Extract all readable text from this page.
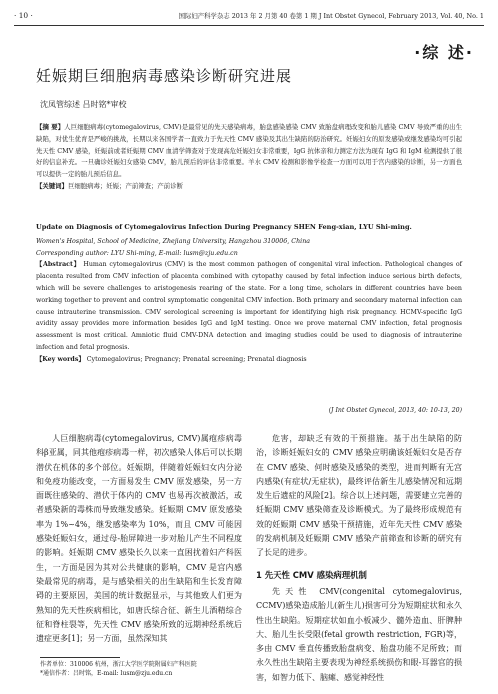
· 10 ·	国际妇产科学杂志 2013 年 2 月第 40 卷第 1 期 J Int Obstet Gynecol, February 2013, Vol. 40, No. 1
·综 述·
妊娠期巨细胞病毒感染诊断研究进展
沈凤管综述 吕时铭*审校

【摘 要】人巨细胞病毒(cytomegalovirus, CMV)是最常见的先天感染病毒，胎盘感染感染 CMV 致胎盘病理改变和胎儿感染 CMV 导致严重的出生缺陷，对优生优育是严峻的挑战，长期以来各国学者一直致力于先天性 CMV 感染及其出生缺陷的防治研究。妊娠妇女的原发感染或继发感染均可引起先天性 CMV 感染，妊娠前或者妊娠期 CMV 血清学筛查对于发现高危妊娠妇女非常重要，IgG 抗体亲和力测定方法为现有 IgG 和 IgM 检测提供了很好的信息补充。一旦确诊妊娠妇女感染 CMV，胎儿预后的评估非常重要。羊水 CMV 检测和影像学检查一方面可以用于宫内感染的诊断，另一方面也可以提供一定的胎儿预后信息。

【关键词】巨细胞病毒；妊娠；产前筛查；产前诊断

Update on Diagnosis of Cytomegalovirus Infection During Pregnancy SHEN Feng-xian, LYU Shi-ming.

Women's Hospital, School of Medicine, Zhejiang University, Hangzhou 310006, China

Corresponding author: LYU Shi-ming, E-mail: lusm@zju.edu.cn

【Abstract】 Human cytomegalovirus (CMV) is the most common pathogen of congenital viral infection. Pathological changes of placenta resulted from CMV infection of placenta combined with cytopathy caused by fetal infection induce serious birth defects, which will be severe challenges to aristogenesis rearing of the state. For a long time, scholars in different countries have been working together to prevent and control symptomatic congenital CMV infection. Both primary and secondary maternal infection can cause intrauterine transmission. CMV serological screening is important for identifying high risk pregnancy. HCMV-specific IgG avidity assay provides more information besides IgG and IgM testing. Once we prove maternal CMV infection, fetal prognosis assessment is most critical. Amniotic fluid CMV-DNA detection and imaging studies could be used to diagnosis of intrauterine infection and fetal prognosis.

【Key words】 Cytomegalovirus; Pregnancy; Prenatal screening; Prenatal diagnosis

(J Int Obstet Gynecol, 2013, 40: 10-13, 20)

人巨细胞病毒(cytomegalovirus, CMV)属疱疹病毒科β亚属，同其他疱疹病毒一样，初次感染人体后可以长期潜伏在机体的多个部位。妊娠期，伴随着妊娠妇女内分泌和免疫功能改变，一方面易发生 CMV 原发感染，另一方面既往感染的、潜伏于体内的 CMV 也易再次被激活，或者感染新的毒株而导致继发感染。妊娠期 CMV 原发感染率为 1%~4%，继发感染率为 10%，而且 CMV 可能因感染妊娠妇女，通过母-胎屏障进一步对胎儿产生不同程度的影响。妊娠期 CMV 感染长久以来一直困扰着妇产科医生，一方面是因为其对公共健康的影响，CMV 是宫内感染最常见的病毒，是与感染相关的出生缺陷和生长发育障碍的主要原因，美国的统计数据显示，与其他致人们更为熟知的先天性疾病相比，如唐氏综合征、新生儿酒精综合征和脊柱裂等，先天性 CMV 感染所致的远期神经系统后遗症更多[1]；另一方面，虽然深知其

危害，却缺乏有效的干预措施。基于出生缺陷的防治，诊断妊娠妇女的 CMV 感染应明确该妊娠妇女是否存在 CMV 感染、何时感染及感染的类型，进而判断有无宫内感染(有症状/无症状)，最终评估新生儿感染情况和远期发生后遗症的风险[2]。综合以上述问题，需要建立完善的妊娠期 CMV 感染筛查及诊断模式。为了最终形成规范有效的妊娠期 CMV 感染干预措施，近年先天性 CMV 感染的发病机制及妊娠期 CMV 感染产前筛查和诊断的研究有了长足的进步。

1 先天性 CMV 感染病理机制

先天性 CMV(congenital cytomegalovirus, CCMV)感染造成胎儿(新生儿)损害可分为短期症状和永久性出生缺陷。短期症状如血小板减少、髓外造血、肝脾肿大、胎儿生长受限(fetal growth restriction, FGR)等，多由 CMV 垂直传播致胎盘病变、胎盘功能不足所致；而永久性出生缺陷主要表现为神经系统损伤和眼-耳器官的损害，如智力低下、脑瘫、感觉神经性

作者单位：310006 杭州，浙江大学医学院附属妇产科医院
*通信作者：吕时铭，E-mail: lusm@zju.edu.cn
